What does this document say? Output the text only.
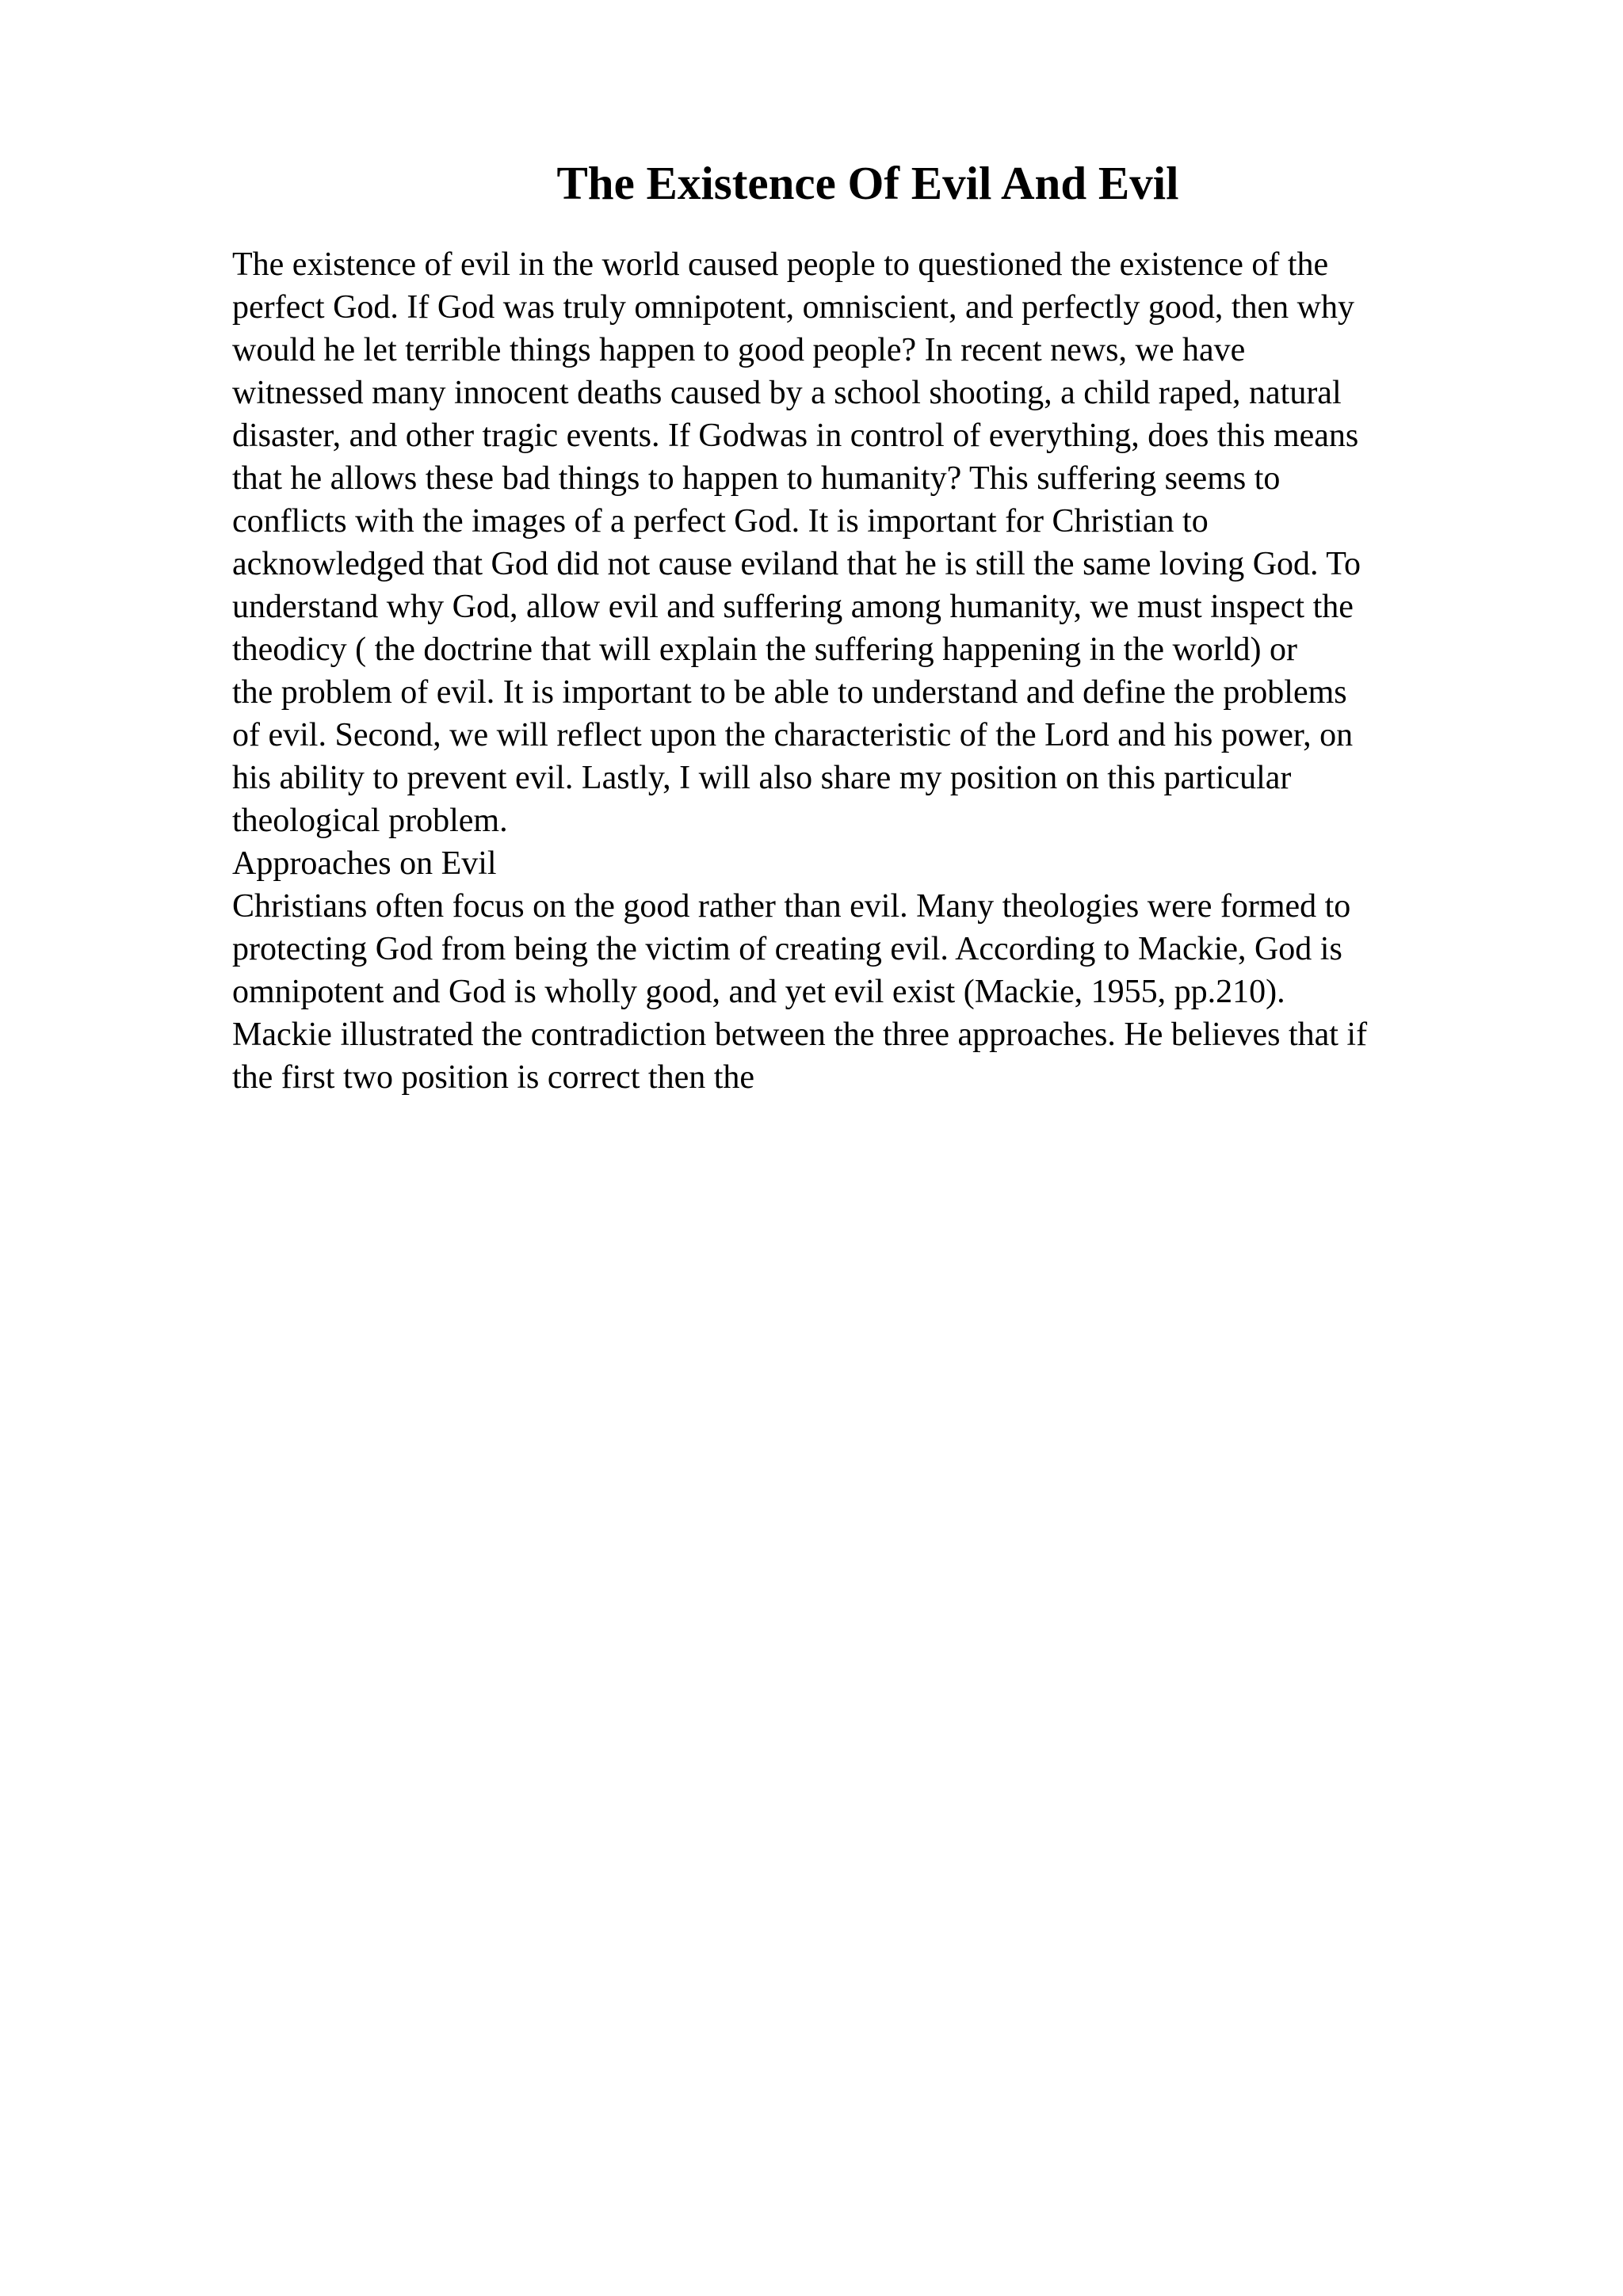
The Existence Of Evil And Evil
The existence of evil in the world caused people to questioned the existence of the
perfect God. If God was truly omnipotent, omniscient, and perfectly good, then why
would he let terrible things happen to good people? In recent news, we have
witnessed many innocent deaths caused by a school shooting, a child raped, natural
disaster, and other tragic events. If Godwas in control of everything, does this means
that he allows these bad things to happen to humanity? This suffering seems to
conflicts with the images of a perfect God. It is important for Christian to
acknowledged that God did not cause eviland that he is still the same loving God. To
understand why God, allow evil and suffering among humanity, we must inspect the
theodicy ( the doctrine that will explain the suffering happening in the world) or
the problem of evil. It is important to be able to understand and define the problems
of evil. Second, we will reflect upon the characteristic of the Lord and his power, on
his ability to prevent evil. Lastly, I will also share my position on this particular
theological problem.
Approaches on Evil
Christians often focus on the good rather than evil. Many theologies were formed to
protecting God from being the victim of creating evil. According to Mackie, God is
omnipotent and God is wholly good, and yet evil exist (Mackie, 1955, pp.210).
Mackie illustrated the contradiction between the three approaches. He believes that if
the first two position is correct then the
